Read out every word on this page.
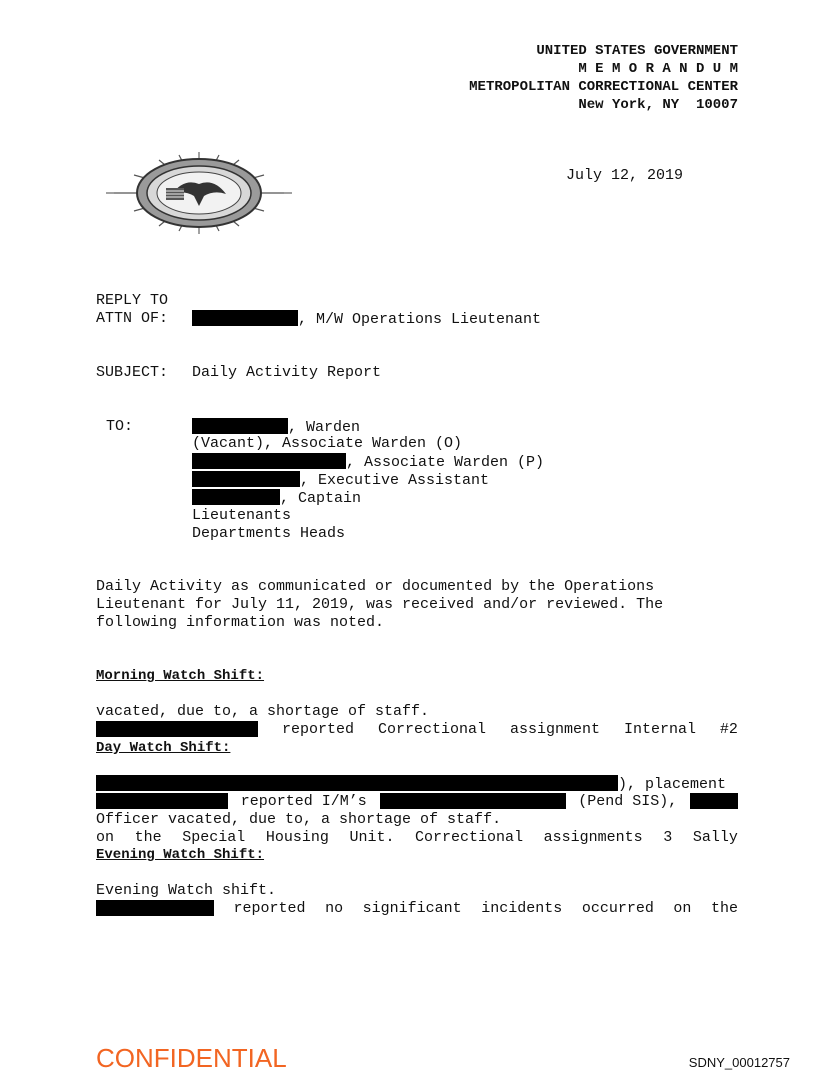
UNITED STATES GOVERNMENT
M E M O R A N D U M
METROPOLITAN CORRECTIONAL CENTER
New York, NY  10007

July 12, 2019
REPLY TO
ATTN OF:	, M/W Operations Lieutenant
SUBJECT: Daily Activity Report
TO:	, Warden
(Vacant), Associate Warden (O)
, Associate Warden (P)
, Executive Assistant
, Captain
Lieutenants
Departments Heads
Daily Activity as communicated or documented by the Operations
Lieutenant for July 11, 2019, was received and/or reviewed. The
following information was noted.
Morning Watch Shift:

reported Correctional assignment Internal #2

vacated, due to, a shortage of staff.
Day Watch Shift:

reported I/M’s	(Pend SIS),

), placement

on the Special Housing Unit. Correctional assignments 3 Sally

Officer vacated, due to, a shortage of staff.
Evening Watch Shift:

reported no significant incidents occurred on the

Evening Watch shift.
CONFIDENTIAL	SDNY_00012757
